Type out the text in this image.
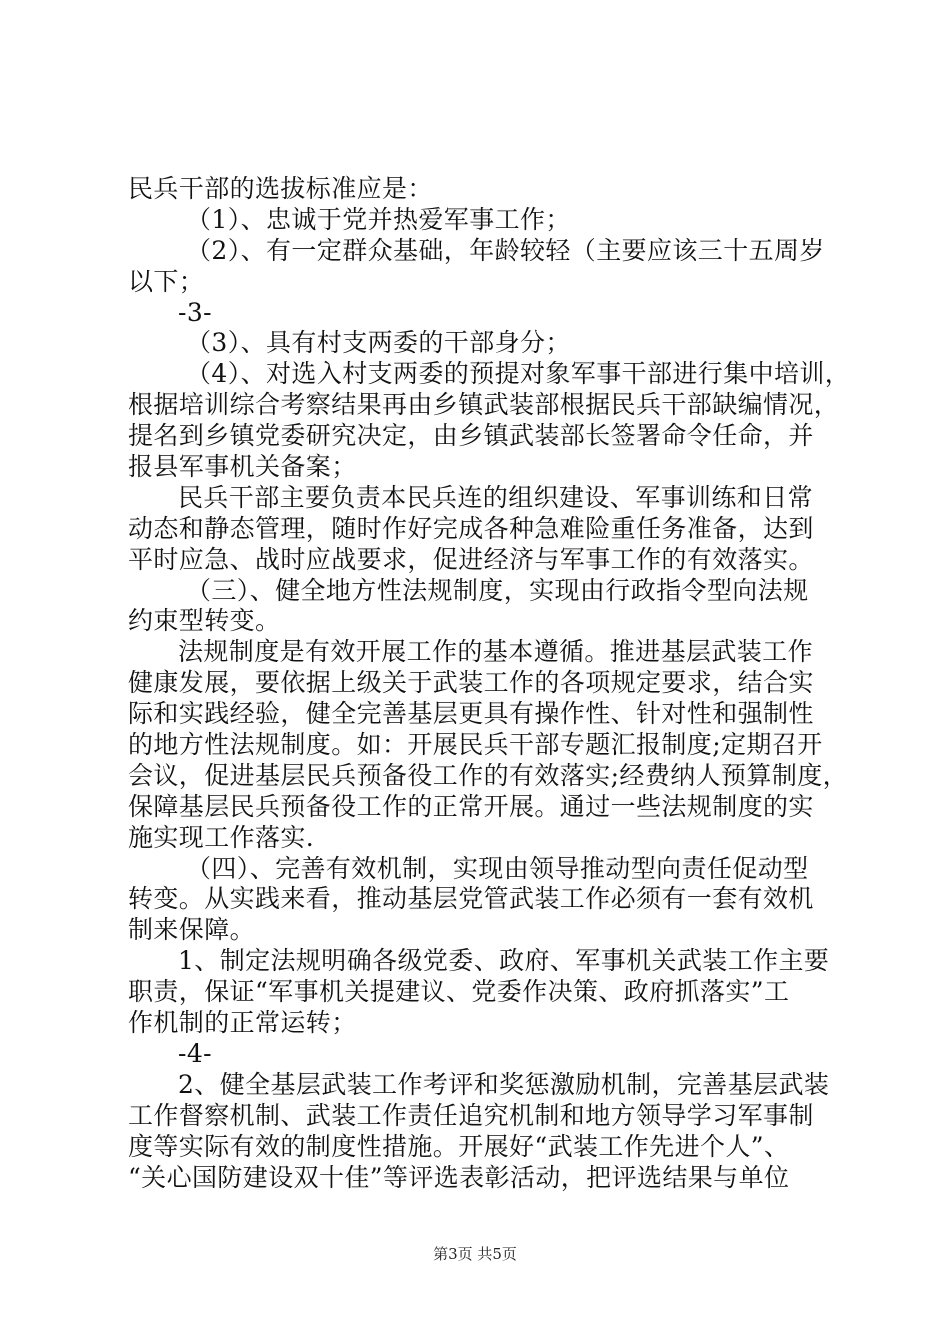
民兵干部的选拔标准应是：
（1）、忠诚于党并热爱军事工作；
（2）、有一定群众基础，年龄较轻（主要应该三十五周岁
以下；
-3-
（3）、具有村支两委的干部身分；
（4）、对选入村支两委的预提对象军事干部进行集中培训，
根据培训综合考察结果再由乡镇武装部根据民兵干部缺编情况，
提名到乡镇党委研究决定，由乡镇武装部长签署命令任命，并
报县军事机关备案；
民兵干部主要负责本民兵连的组织建设、军事训练和日常
动态和静态管理，随时作好完成各种急难险重任务准备，达到
平时应急、战时应战要求，促进经济与军事工作的有效落实。
（三）、健全地方性法规制度，实现由行政指令型向法规
约束型转变。
法规制度是有效开展工作的基本遵循。推进基层武装工作
健康发展，要依据上级关于武装工作的各项规定要求，结合实
际和实践经验，健全完善基层更具有操作性、针对性和强制性
的地方性法规制度。如：开展民兵干部专题汇报制度;定期召开
会议，促进基层民兵预备役工作的有效落实;经费纳人预算制度，
保障基层民兵预备役工作的正常开展。通过一些法规制度的实
施实现工作落实.
（四）、完善有效机制，实现由领导推动型向责任促动型
转变。从实践来看，推动基层党管武装工作必须有一套有效机
制来保障。
1、制定法规明确各级党委、政府、军事机关武装工作主要
职责，保证“军事机关提建议、党委作决策、政府抓落实”工
作机制的正常运转；
-4-
2、健全基层武装工作考评和奖惩激励机制，完善基层武装
工作督察机制、武装工作责任追究机制和地方领导学习军事制
度等实际有效的制度性措施。开展好“武装工作先进个人”、
“关心国防建设双十佳”等评选表彰活动，把评选结果与单位
第3页 共5页
